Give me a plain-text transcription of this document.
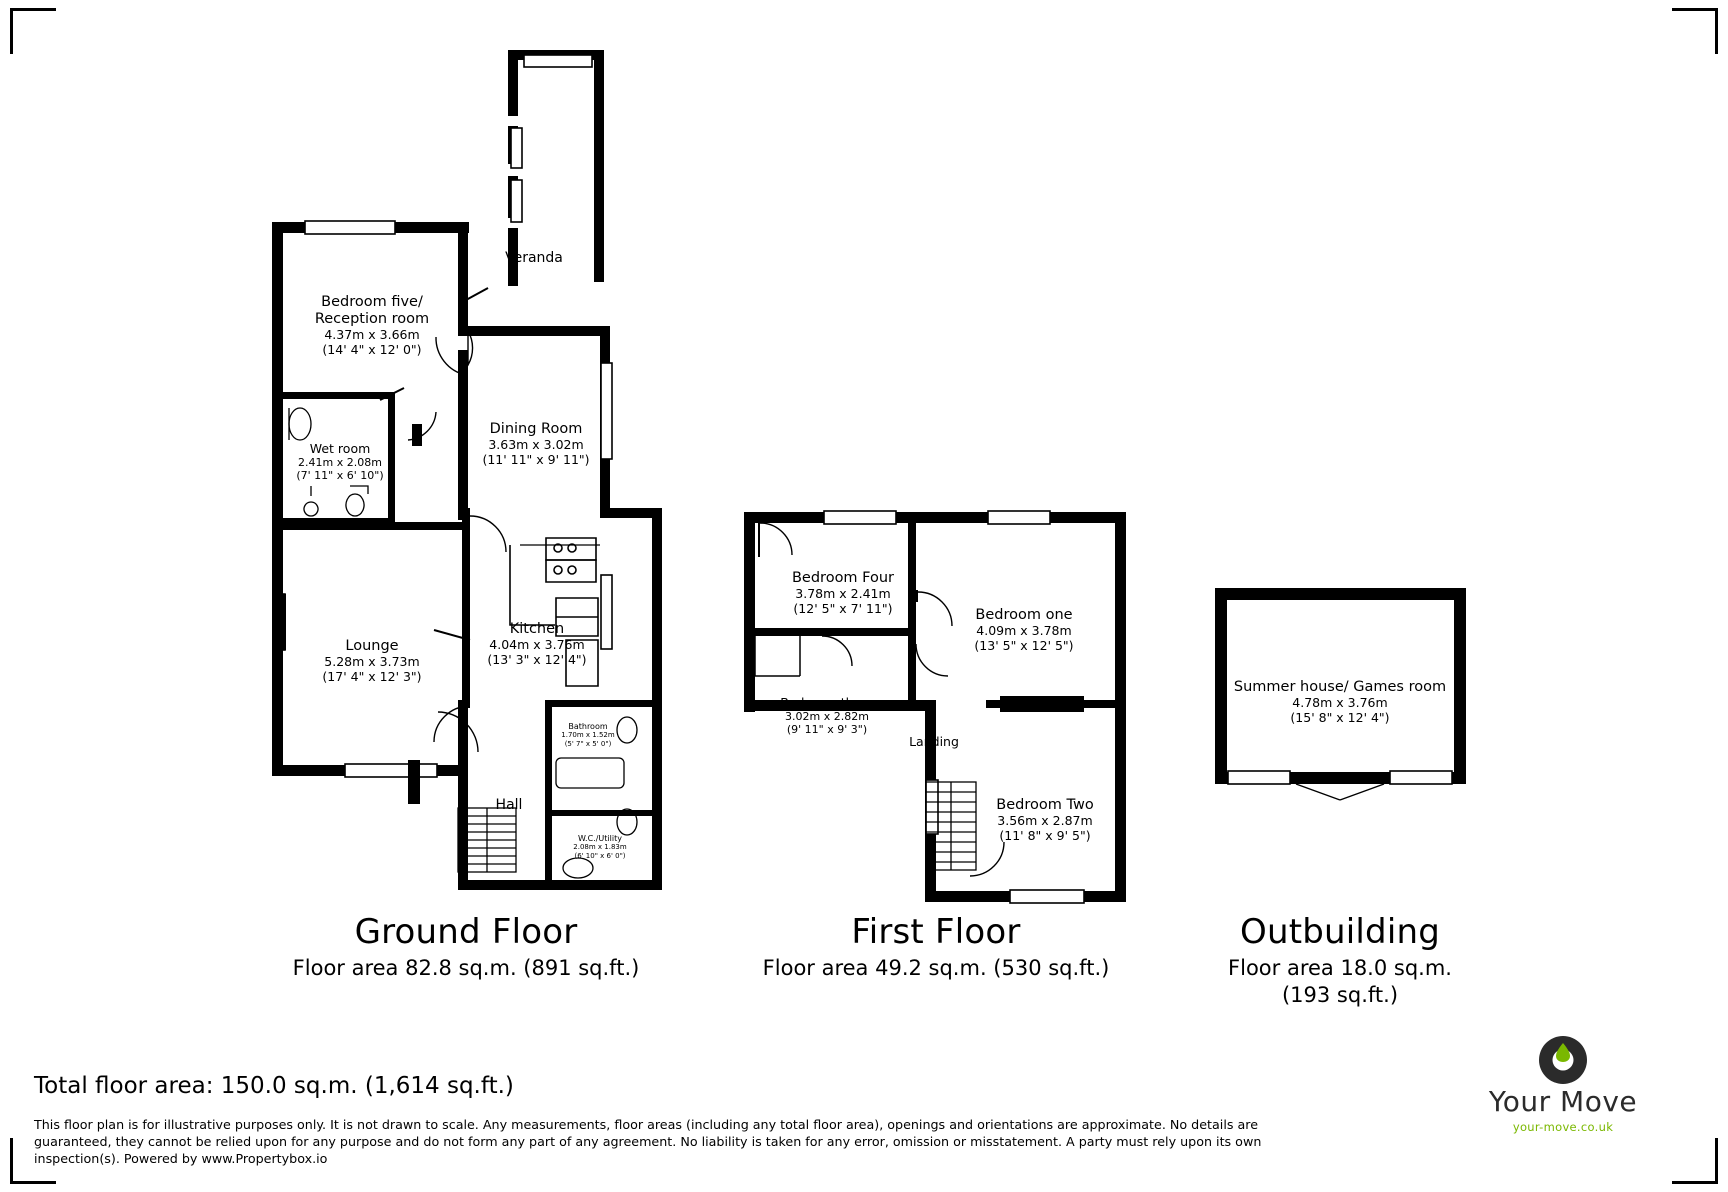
Veranda
Bedroom five/
Reception room
4.37m x 3.66m
(14' 4" x 12' 0")
Wet room
2.41m x 2.08m
(7' 11" x 6' 10")
Dining Room
3.63m x 3.02m
(11' 11" x 9' 11")
Kitchen
4.04m x 3.76m
(13' 3" x 12' 4")
Lounge
5.28m x 3.73m
(17' 4" x 12' 3")
Bathroom
1.70m x 1.52m
(5' 7" x 5' 0")
Hall
W.C./Utility
2.08m x 1.83m
(6' 10" x 6' 0")
Bedroom Four
3.78m x 2.41m
(12' 5" x 7' 11")	Bedroom one
4.09m x 3.78m
(13' 5" x 12' 5")
Bedroom three
3.02m x 2.82m
(9' 11" x 9' 3")
Landing
Bedroom Two
3.56m x 2.87m
(11' 8" x 9' 5")
Summer house/ Games room
4.78m x 3.76m
(15' 8" x 12' 4")
Ground Floor
Floor area 82.8 sq.m. (891 sq.ft.)
First Floor
Floor area 49.2 sq.m. (530 sq.ft.)
Outbuilding
Floor area 18.0 sq.m.
(193 sq.ft.)
Total floor area: 150.0 sq.m. (1,614 sq.ft.)
This floor plan is for illustrative purposes only. It is not drawn to scale. Any measurements, floor areas (including any total floor area), openings and orientations are approximate. No details are guaranteed, they cannot be relied upon for any purpose and do not form any part of any agreement. No liability is taken for any error, omission or misstatement. A party must rely upon its own inspection(s). Powered by www.Propertybox.io
Your Move
your-move.co.uk
